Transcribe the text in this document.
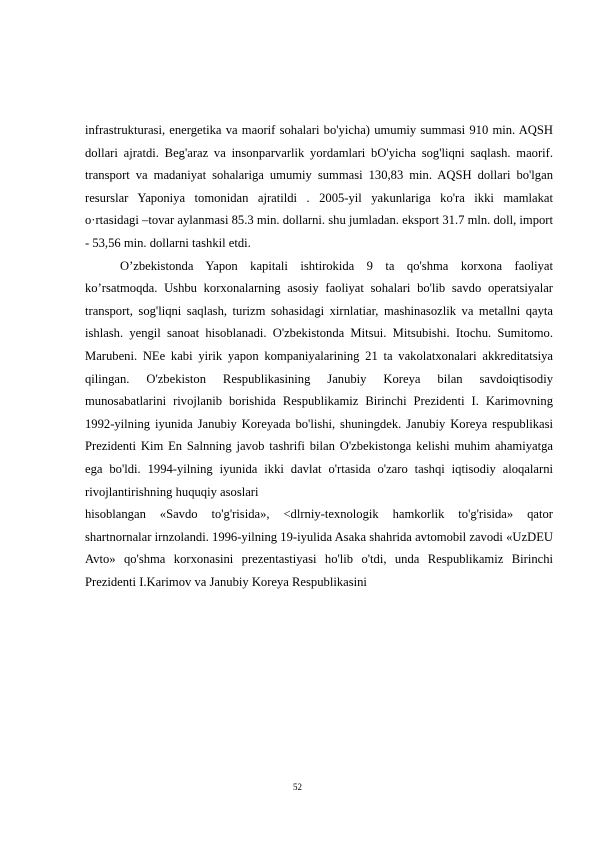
infrastrukturasi, energetika va maorif sohalari bo'yicha) umumiy summasi 910 min. AQSH dollari ajratdi. Beg'araz va insonparvarlik yordamlari bO'yicha sog'liqni saqlash. maorif. transport va madaniyat sohalariga umumiy summasi 130,83 min. AQSH dollari bo'lgan resurslar Yaponiya tomonidan ajratildi . 2005-yil yakunlariga ko'ra ikki mamlakat o·rtasidagi –tovar aylanmasi 85.3 min. dollarni. shu jumladan. eksport 31.7 mln. doll, import - 53,56 min. dollarni tashkil etdi.

O’zbekistonda Yapon kapitali ishtirokida 9 ta qo'shma korxona faoliyat ko’rsatmoqda. Ushbu korxonalarning asosiy faoliyat sohalari bo'lib savdo operatsiyalar transport, sog'liqni saqlash, turizm sohasidagi xirnlatiar, mashinasozlik va metallni qayta ishlash. yengil sanoat hisoblanadi. O'zbekistonda Mitsui. Mitsubishi. Itochu. Sumitomo. Marubeni. NEe kabi yirik yapon kompaniyalarining 21 ta vakolatxonalari akkreditatsiya qilingan. O'zbekiston Respublikasining Janubiy Koreya bilan savdoiqtisodiy munosabatlarini rivojlanib borishida Respublikamiz Birinchi Prezidenti I. Karimovning 1992-yilning iyunida Janubiy Koreyada bo'lishi, shuningdek. Janubiy Koreya respublikasi Prezidenti Kim En Salnning javob tashrifi bilan O'zbekistonga kelishi muhim ahamiyatga ega bo'ldi. 1994-yilning iyunida ikki davlat o'rtasida o'zaro tashqi iqtisodiy aloqalarni rivojlantirishning huquqiy asoslari

hisoblangan «Savdo to'g'risida», <dlrniy-texnologik hamkorlik to'g'risida» qator shartnornalar irnzolandi. 1996-yilning 19-iyulida Asaka shahrida avtomobil zavodi «UzDEU Avto» qo'shma korxonasini prezentastiyasi ho'lib o'tdi, unda Respublikamiz Birinchi Prezidenti I.Karimov va Janubiy Koreya Respublikasini

52
